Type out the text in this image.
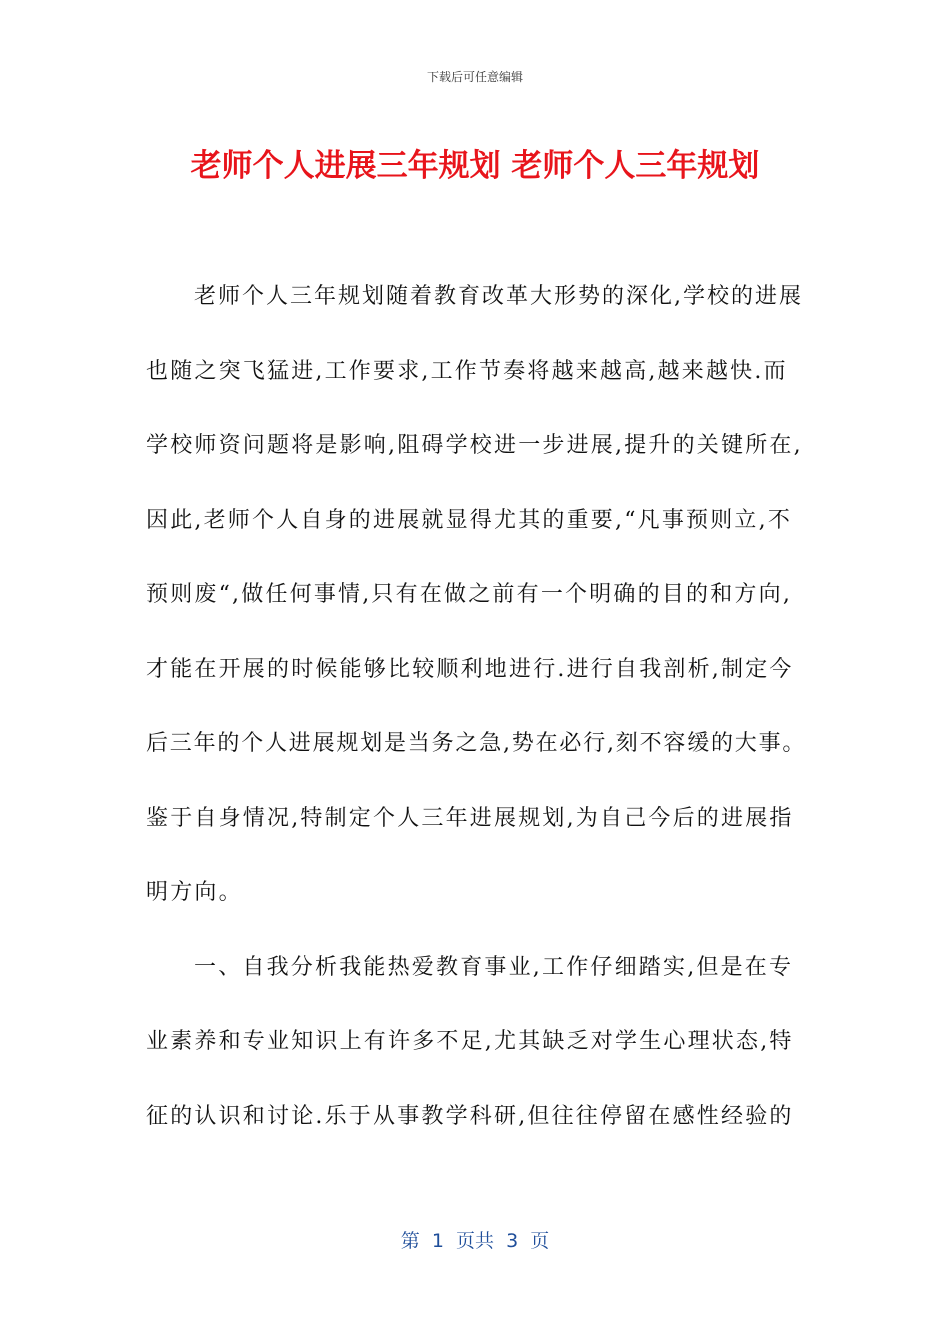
下载后可任意编辑
老师个人进展三年规划 老师个人三年规划
老师个人三年规划随着教育改革大形势的深化,学校的进展
也随之突飞猛进,工作要求,工作节奏将越来越高,越来越快.而
学校师资问题将是影响,阻碍学校进一步进展,提升的关键所在,
因此,老师个人自身的进展就显得尤其的重要,“凡事预则立,不
预则废“,做任何事情,只有在做之前有一个明确的目的和方向,
才能在开展的时候能够比较顺利地进行.进行自我剖析,制定今
后三年的个人进展规划是当务之急,势在必行,刻不容缓的大事。
鉴于自身情况,特制定个人三年进展规划,为自己今后的进展指
明方向。
一、自我分析我能热爱教育事业,工作仔细踏实,但是在专
业素养和专业知识上有许多不足,尤其缺乏对学生心理状态,特
征的认识和讨论.乐于从事教学科研,但往往停留在感性经验的
第  1  页共  3  页
